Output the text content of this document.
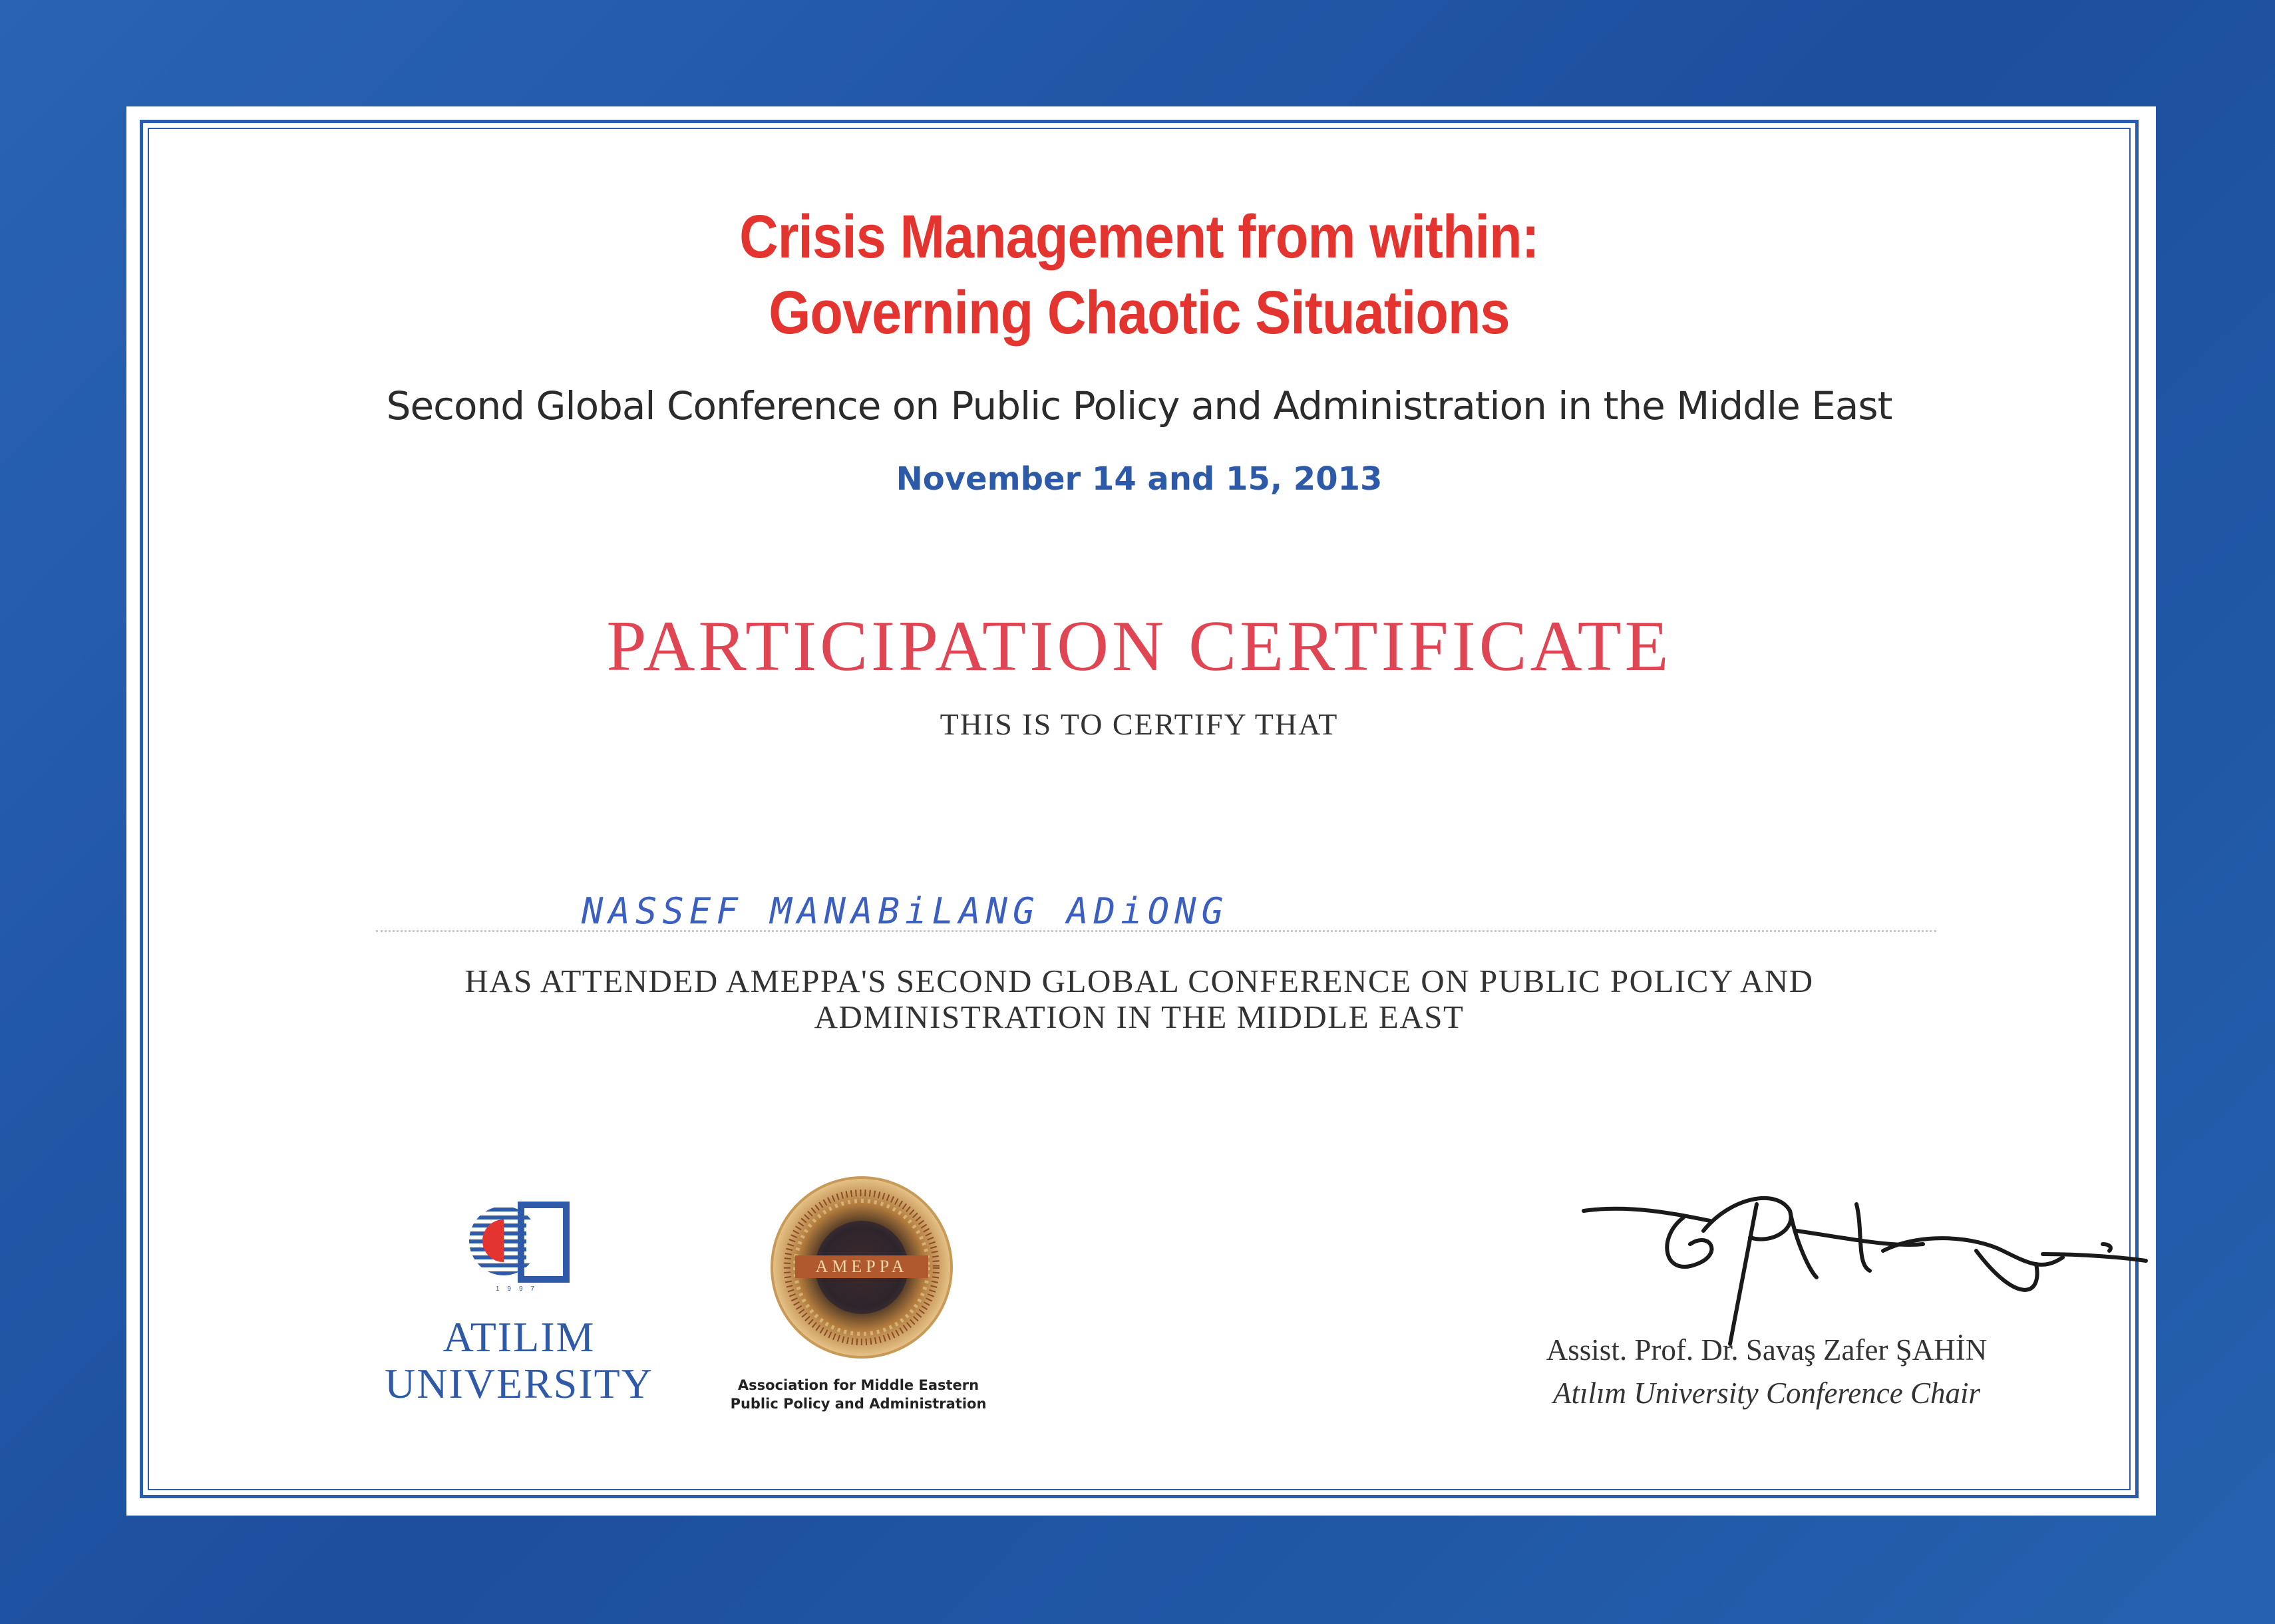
Crisis Management from within:
Governing Chaotic Situations
Second Global Conference on Public Policy and Administration in the Middle East
November 14 and 15, 2013
PARTICIPATION CERTIFICATE
THIS IS TO CERTIFY THAT
NASSEF MANABiLANG ADiONG
HAS ATTENDED AMEPPA'S SECOND GLOBAL CONFERENCE ON PUBLIC POLICY AND
ADMINISTRATION IN THE MIDDLE EAST
1997
ATILIM
UNIVERSITY
AMEPPA
Association for Middle Eastern
Public Policy and Administration
Assist. Prof. Dr. Savaş Zafer ŞAHİN
Atılım University Conference Chair
